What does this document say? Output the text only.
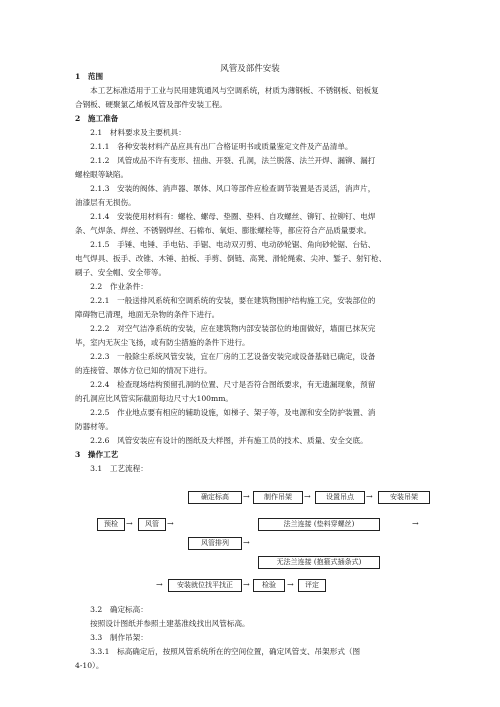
风管及部件安装
1　范围
　　本工艺标准适用于工业与民用建筑通风与空调系统，材质为薄钢板、不锈钢板、铝板复
合钢板、硬聚氯乙烯板风管及部件安装工程。
2　施工准备
　　2.1　材料要求及主要机具：
　　2.1.1　各种安装材料产品应具有出厂合格证明书或质量鉴定文件及产品清单。
　　2.1.2　风管成品不许有变形、扭曲、开裂、孔洞，法兰脱落、法兰开焊、漏铆、漏打
螺栓眼等缺陷。
　　2.1.3　安装的阀体、消声器、罩体、风口等部件应检查调节装置是否灵活，消声片，
油漆层有无损伤。
　　2.1.4　安装使用材料有：螺栓、螺母、垫圈、垫料、自攻螺丝、铆钉、拉铆钉、电焊
条、气焊条、焊丝、不锈钢焊丝、石棉布、氧炬、膨胀螺栓等，都应符合产品质量要求。
　　2.1.5　手锤、电锤、手电钻、手锯、电动双刃剪、电动砂轮锯、角向砂轮锯、台钻、
电气焊具、扳手、改锥、木锤、拍板、手剪、倒链、高凳、滑轮绳索、尖冲、錾子、射钉枪、
刷子、安全帽、安全带等。
　　2.2　作业条件：
　　2.2.1　一般送排风系统和空调系统的安装，要在建筑物围护结构施工完，安装部位的
障碍物已清理，地面无杂物的条件下进行。
　　2.2.2　对空气洁净系统的安装，应在建筑物内部安装部位的地面做好，墙面已抹灰完
毕，室内无灰尘飞扬，或有防尘措施的条件下进行。
　　2.2.3　一般除尘系统风管安装，宜在厂房的工艺设备安装完或设备基础已确定，设备
的连接管、罩体方位已知的情况下进行。
　　2.2.4　检查现场结构预留孔洞的位置、尺寸是否符合图纸要求，有无遗漏现象，预留
的孔洞应比风管实际截面每边尺寸大100mm。
　　2.2.5　作业地点要有相应的辅助设施，如梯子、架子等，及电源和安全防护装置、消
防器材等。
　　2.2.6　风管安装应有设计的图纸及大样图，并有施工员的技术、质量、安全交底。
3　操作工艺
　　3.1　工艺流程：
确定标高	→	制作吊架	→	设置吊点	→	安装吊架
预检	→	风管	→	法兰连接 (垫料穿螺丝)	→
风管排列	→
无法兰连接 (抱箍式插条式)
→	安装就位找平找正	→	检验	→	评定
　　3.2　确定标高：
　　按照设计图纸并参照土建基准线找出风管标高。
　　3.3　制作吊架：
　　3.3.1　标高确定后，按照风管系统所在的空间位置，确定风管支、吊架形式（图
4-10）。
